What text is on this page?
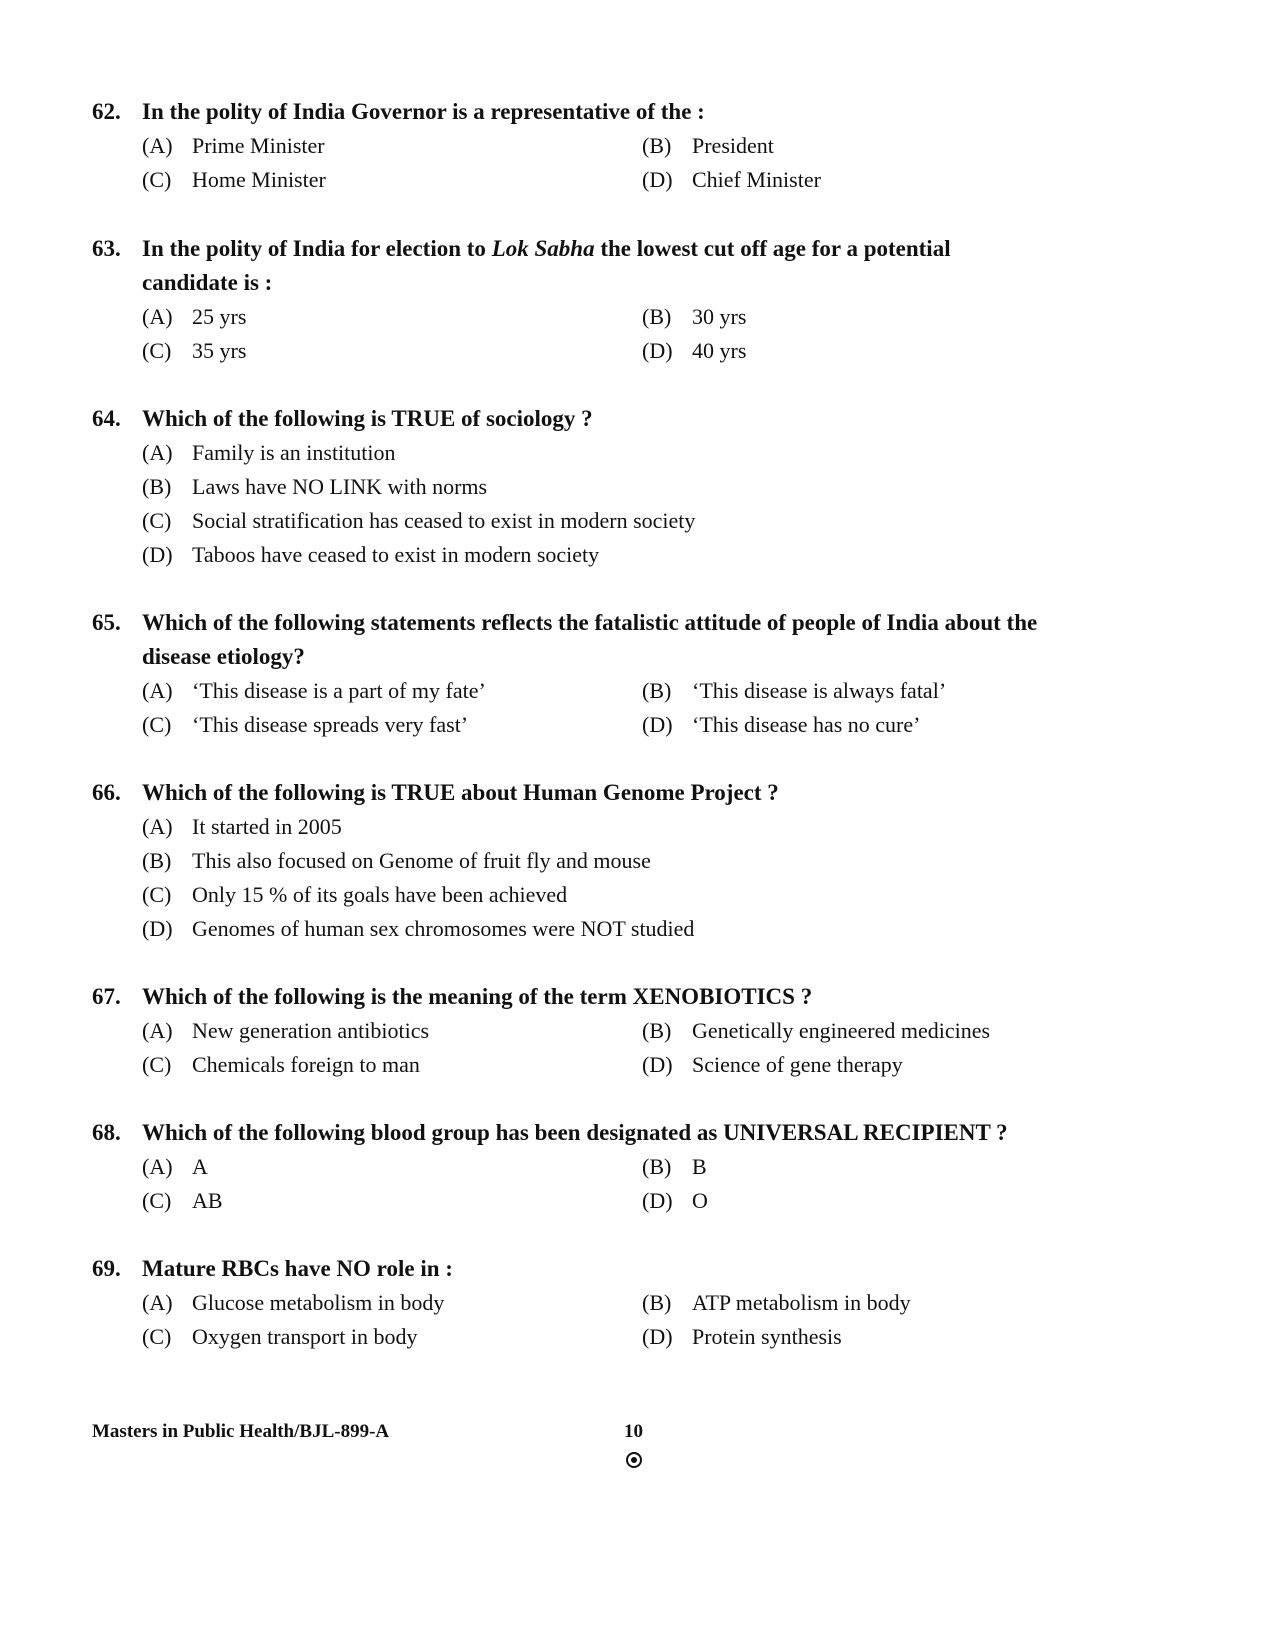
62. In the polity of India Governor is a representative of the :
(A) Prime Minister	(B) President
(C) Home Minister	(D) Chief Minister
63. In the polity of India for election to Lok Sabha the lowest cut off age for a potential candidate is :
(A) 25 yrs	(B) 30 yrs
(C) 35 yrs	(D) 40 yrs
64. Which of the following is TRUE of sociology ?
(A) Family is an institution
(B) Laws have NO LINK with norms
(C) Social stratification has ceased to exist in modern society
(D) Taboos have ceased to exist in modern society
65. Which of the following statements reflects the fatalistic attitude of people of India about the disease etiology?
(A) ‘This disease is a part of my fate’	(B) ‘This disease is always fatal’
(C) ‘This disease spreads very fast’	(D) ‘This disease has no cure’
66. Which of the following is TRUE about Human Genome Project ?
(A) It started in 2005
(B) This also focused on Genome of fruit fly and mouse
(C) Only 15 % of its goals have been achieved
(D) Genomes of human sex chromosomes were NOT studied
67. Which of the following is the meaning of the term XENOBIOTICS ?
(A) New generation antibiotics	(B) Genetically engineered medicines
(C) Chemicals foreign to man	(D) Science of gene therapy
68. Which of the following blood group has been designated as UNIVERSAL RECIPIENT ?
(A) A	(B) B
(C) AB	(D) O
69. Mature RBCs have NO role in :
(A) Glucose metabolism in body	(B) ATP metabolism in body
(C) Oxygen transport in body	(D) Protein synthesis
Masters in Public Health/BJL-899-A	10
